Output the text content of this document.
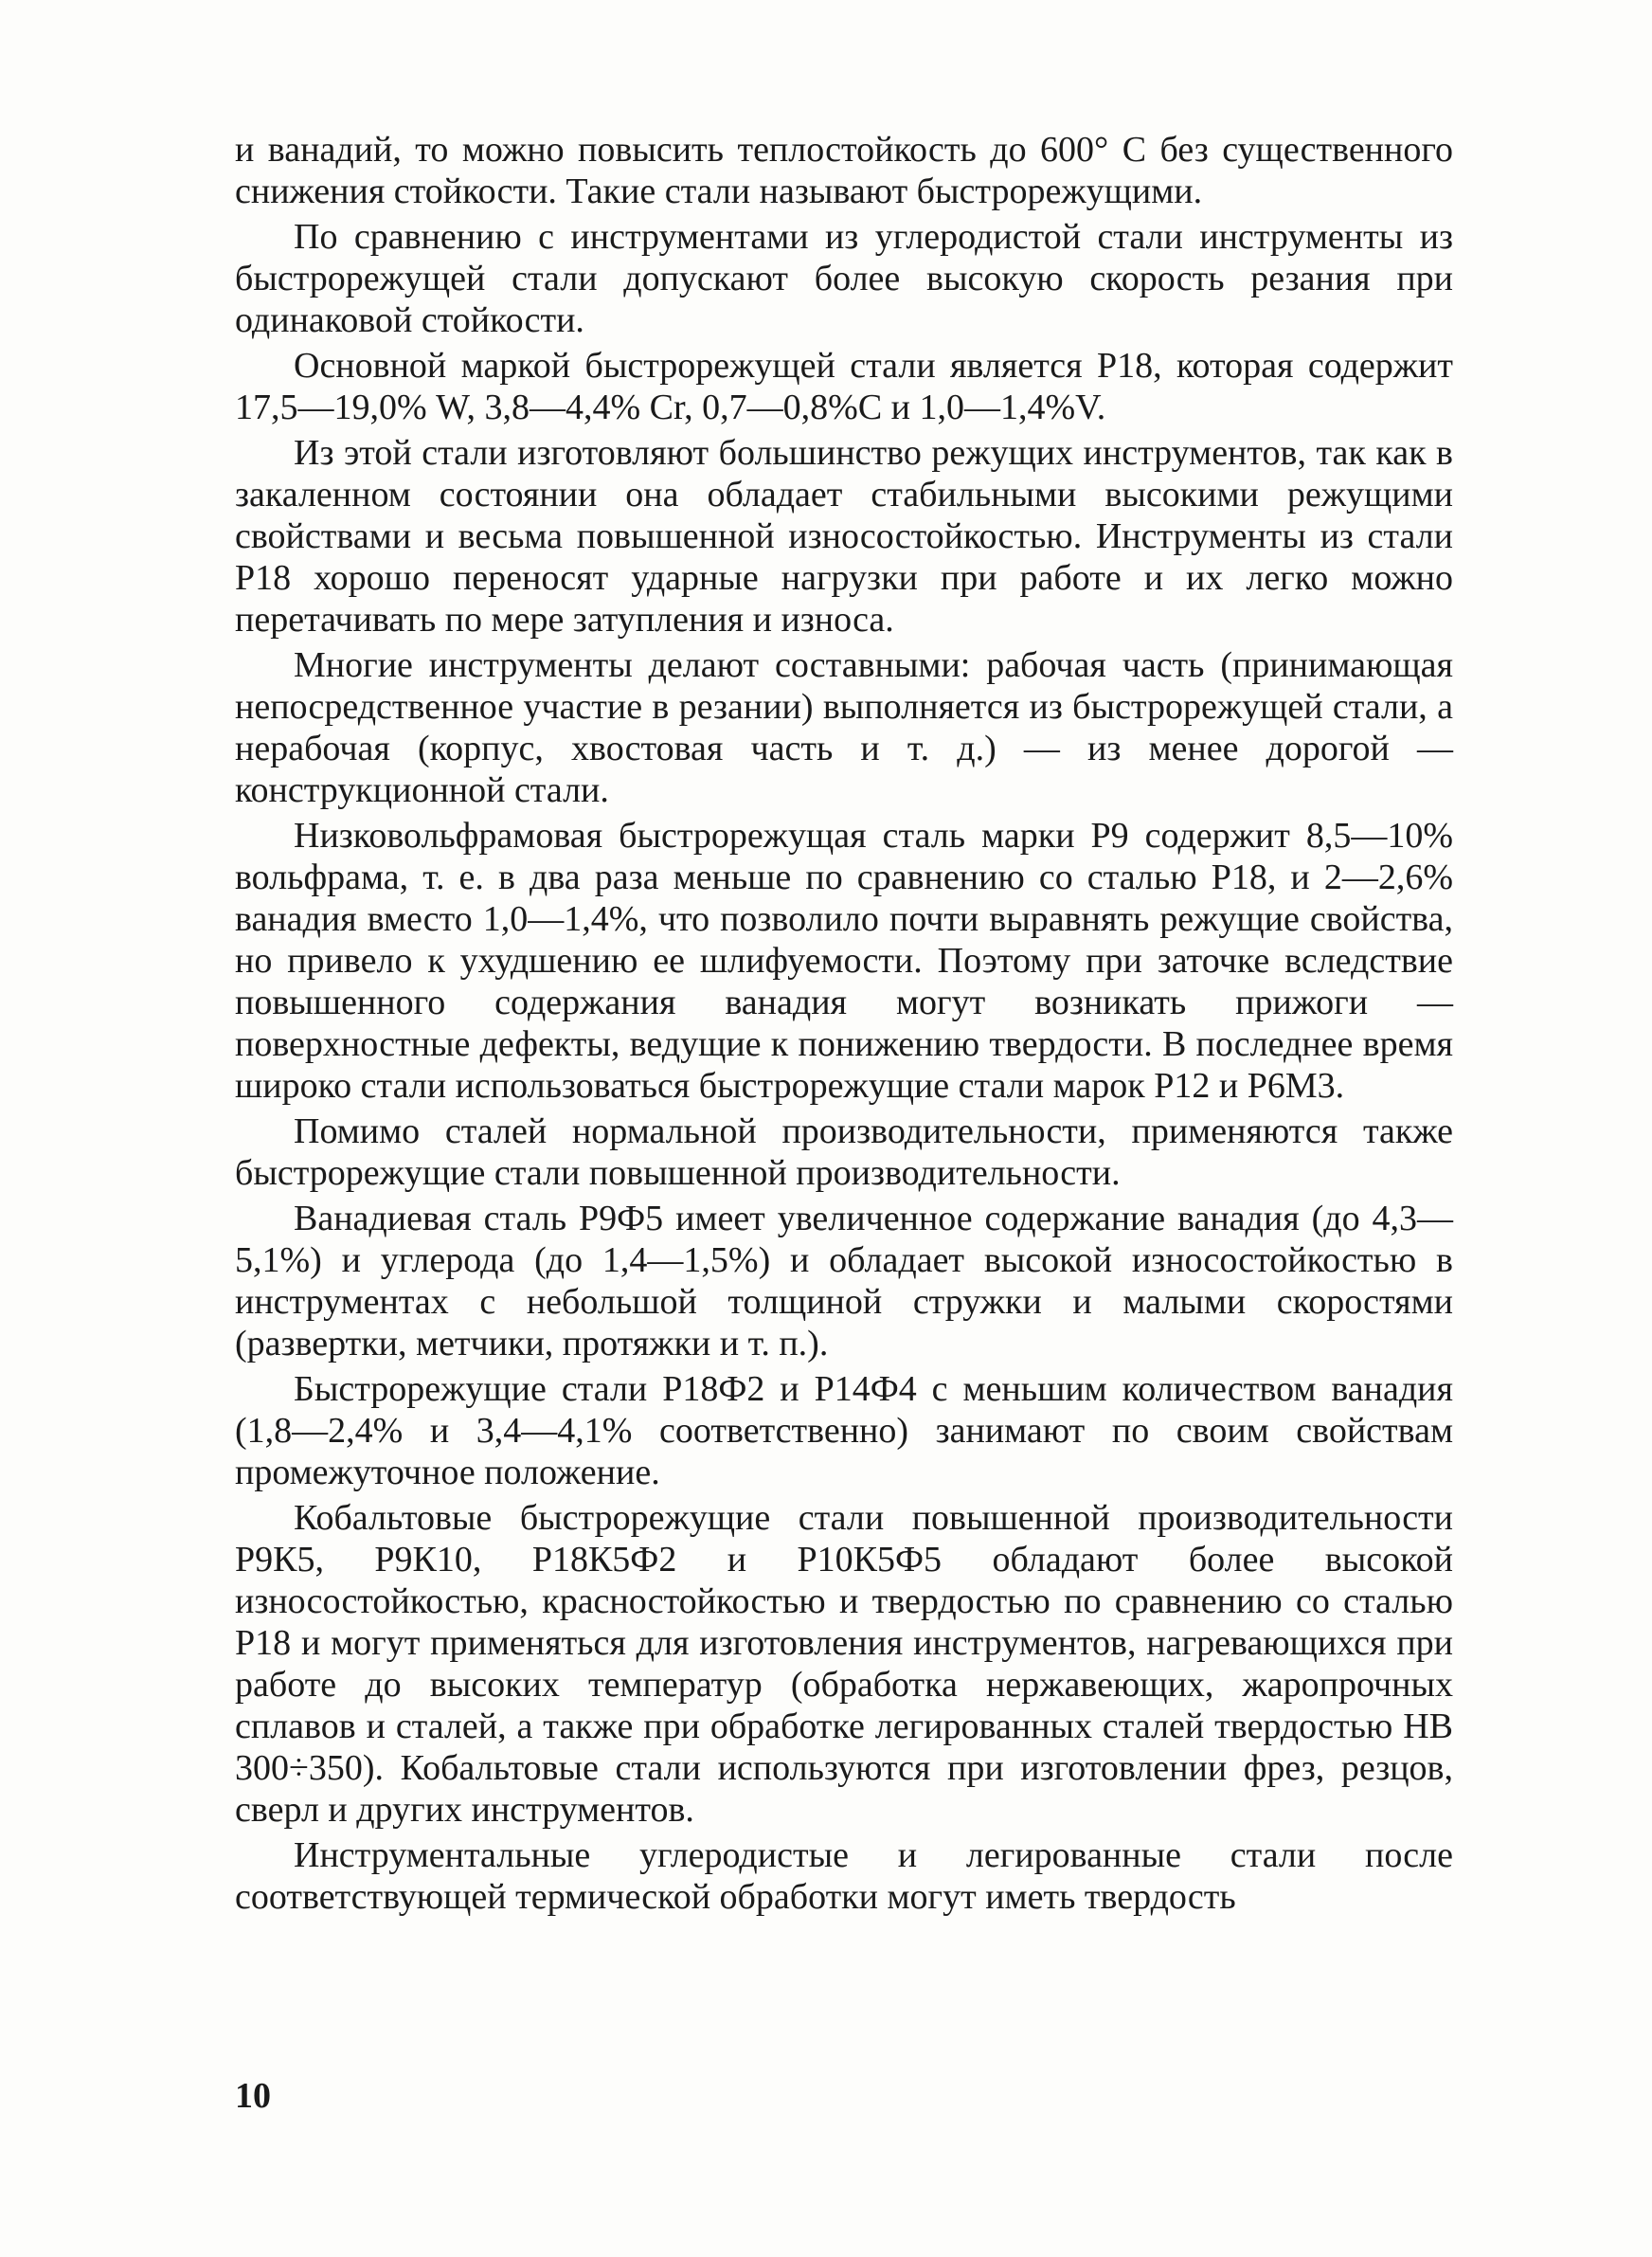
и ванадий, то можно повысить теплостойкость до 600° С без существенного снижения стойкости. Такие стали называют быстрорежущими.

По сравнению с инструментами из углеродистой стали инструменты из быстрорежущей стали допускают более высокую скорость резания при одинаковой стойкости.

Основной маркой быстрорежущей стали является Р18, которая содержит 17,5—19,0% W, 3,8—4,4% Cr, 0,7—0,8%C и 1,0—1,4%V.

Из этой стали изготовляют большинство режущих инструментов, так как в закаленном состоянии она обладает стабильными высокими режущими свойствами и весьма повышенной износостойкостью. Инструменты из стали Р18 хорошо переносят ударные нагрузки при работе и их легко можно перетачивать по мере затупления и износа.

Многие инструменты делают составными: рабочая часть (принимающая непосредственное участие в резании) выполняется из быстрорежущей стали, а нерабочая (корпус, хвостовая часть и т. д.) — из менее дорогой — конструкционной стали.

Низковольфрамовая быстрорежущая сталь марки Р9 содержит 8,5—10% вольфрама, т. е. в два раза меньше по сравнению со сталью Р18, и 2—2,6% ванадия вместо 1,0—1,4%, что позволило почти выравнять режущие свойства, но привело к ухудшению ее шлифуемости. Поэтому при заточке вследствие повышенного содержания ванадия могут возникать прижоги — поверхностные дефекты, ведущие к понижению твердости. В последнее время широко стали использоваться быстрорежущие стали марок Р12 и Р6М3.

Помимо сталей нормальной производительности, применяются также быстрорежущие стали повышенной производительности.

Ванадиевая сталь Р9Ф5 имеет увеличенное содержание ванадия (до 4,3—5,1%) и углерода (до 1,4—1,5%) и обладает высокой износостойкостью в инструментах с небольшой толщиной стружки и малыми скоростями (развертки, метчики, протяжки и т. п.).

Быстрорежущие стали Р18Ф2 и Р14Ф4 с меньшим количеством ванадия (1,8—2,4% и 3,4—4,1% соответственно) занимают по своим свойствам промежуточное положение.

Кобальтовые быстрорежущие стали повышенной производительности Р9К5, Р9К10, Р18К5Ф2 и Р10К5Ф5 обладают более высокой износостойкостью, красностойкостью и твердостью по сравнению со сталью Р18 и могут применяться для изготовления инструментов, нагревающихся при работе до высоких температур (обработка нержавеющих, жаропрочных сплавов и сталей, а также при обработке легированных сталей твердостью НВ 300÷350). Кобальтовые стали используются при изготовлении фрез, резцов, сверл и других инструментов.

Инструментальные углеродистые и легированные стали после соответствующей термической обработки могут иметь твердость

10
